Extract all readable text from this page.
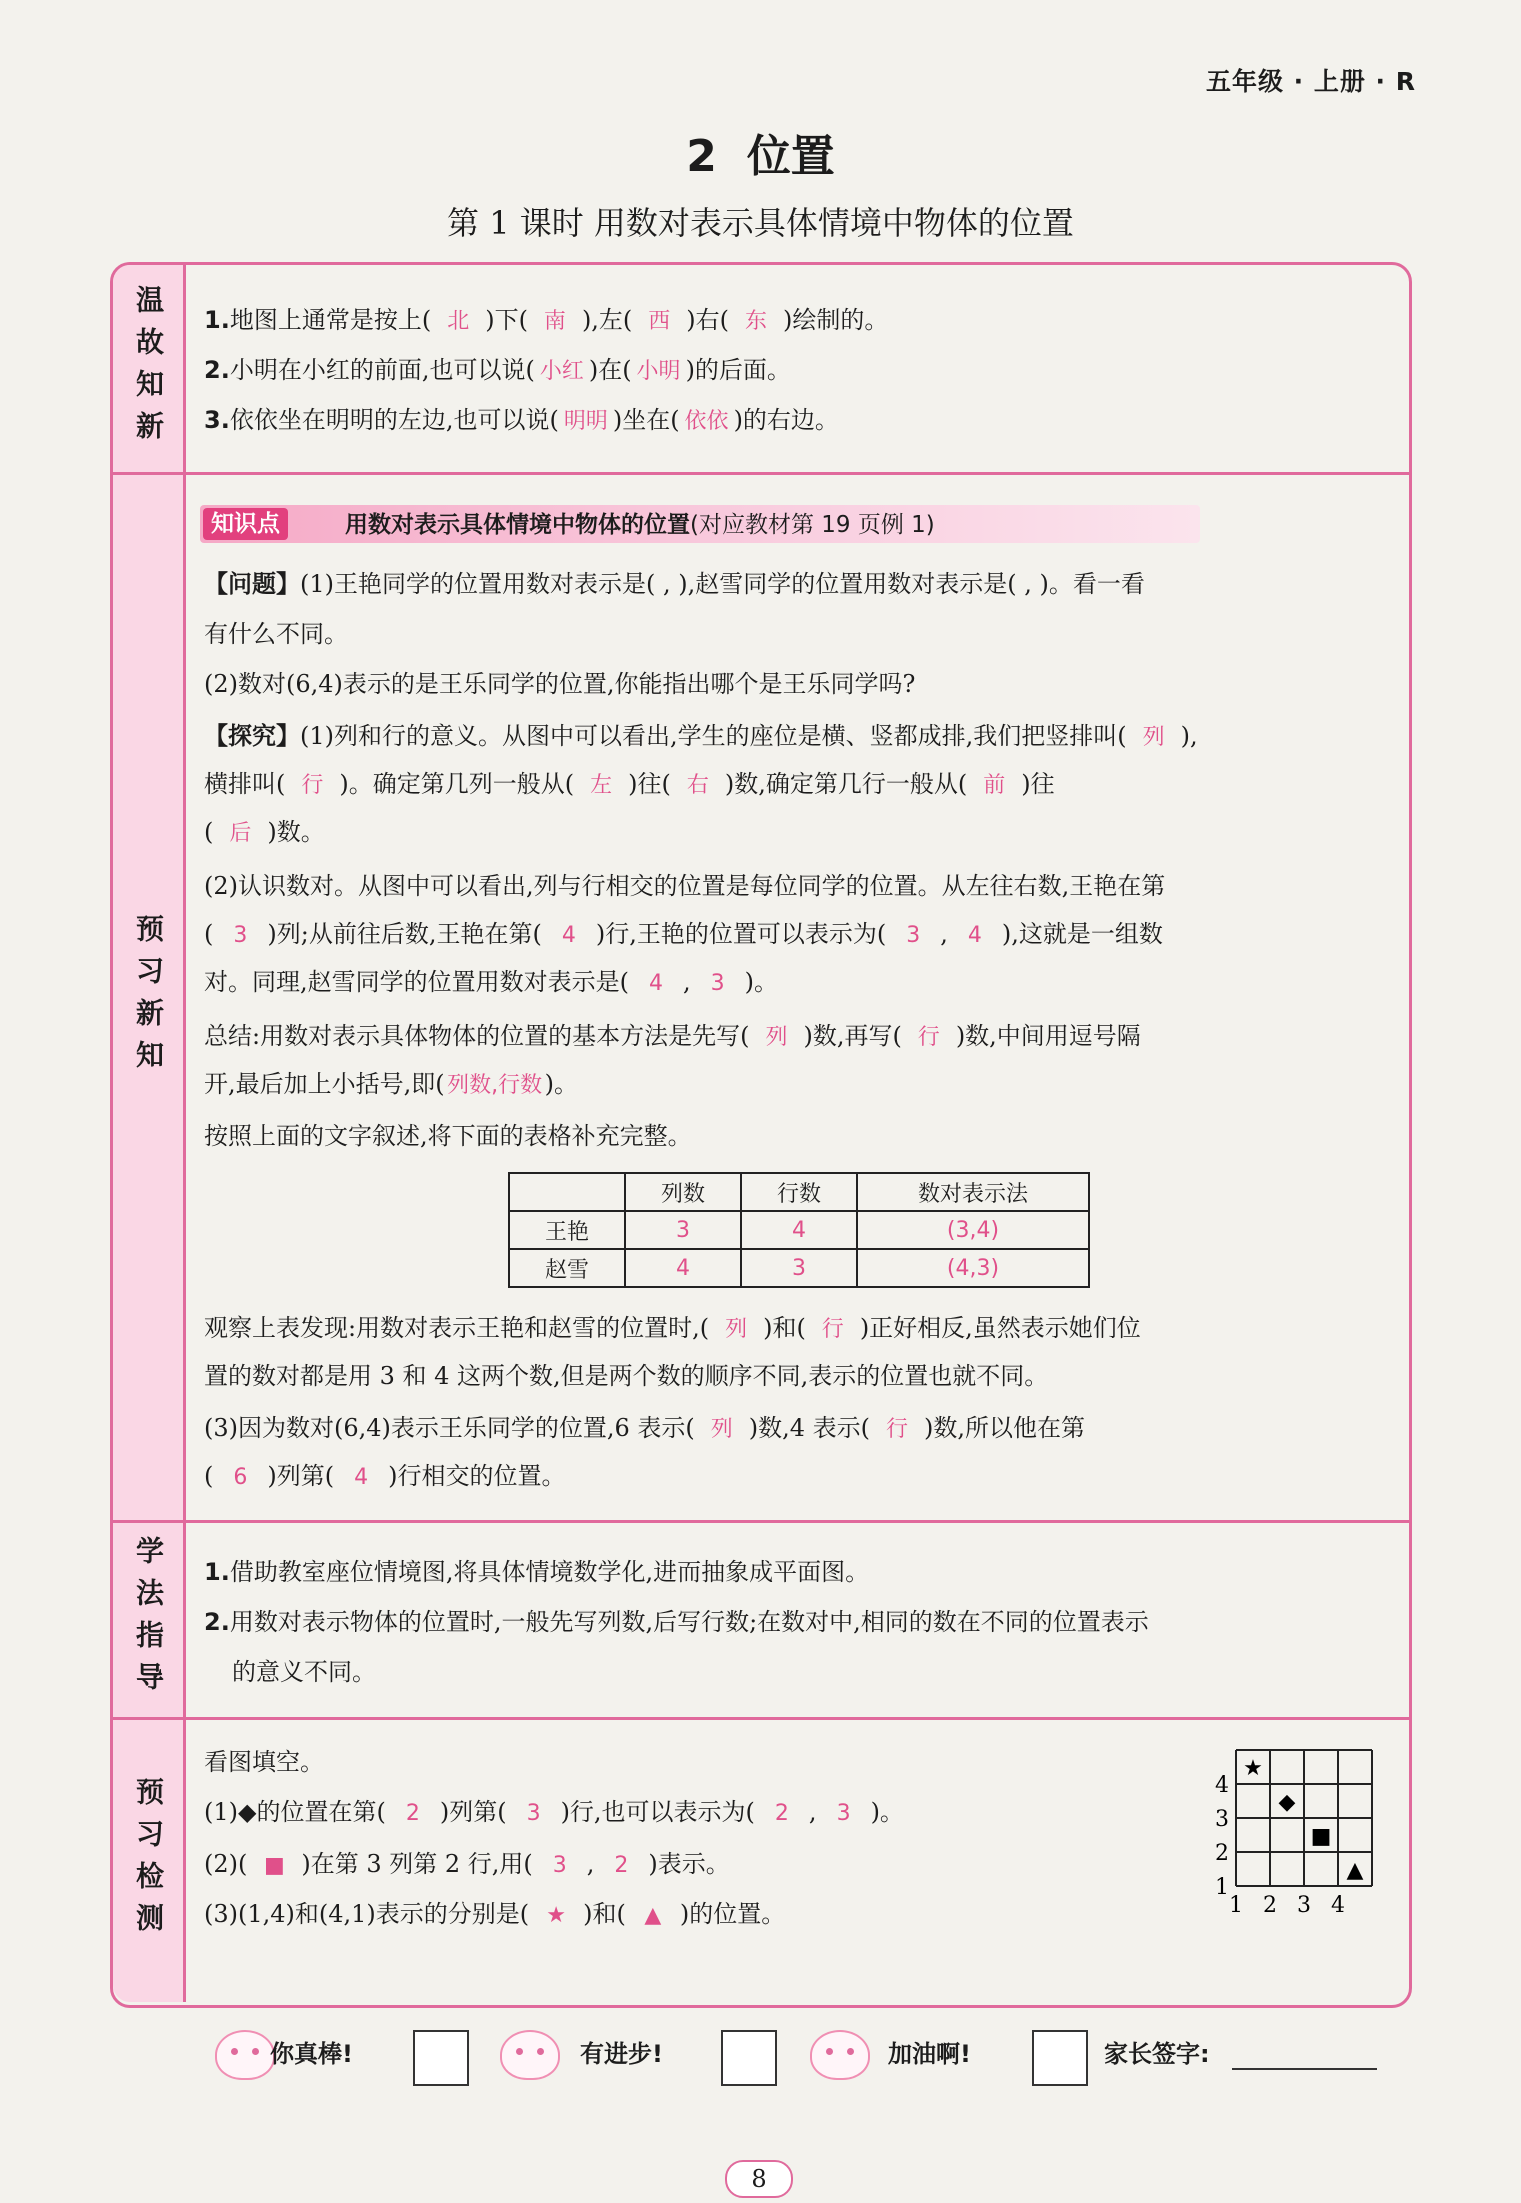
五年级 · 上册 · R
2 位置
第 1 课时 用数对表示具体情境中物体的位置
温故知新
预习新知
学法指导
预习检测
1.地图上通常是按上( 北 )下( 南 ),左( 西 )右( 东 )绘制的。
2.小明在小红的前面,也可以说( 小红 )在( 小明 )的后面。
3.依依坐在明明的左边,也可以说( 明明 )坐在( 依依 )的右边。
知识点	用数对表示具体情境中物体的位置(对应教材第 19 页例 1)
【问题】(1)王艳同学的位置用数对表示是( , ),赵雪同学的位置用数对表示是( , )。看一看
有什么不同。
(2)数对(6,4)表示的是王乐同学的位置,你能指出哪个是王乐同学吗?
【探究】(1)列和行的意义。从图中可以看出,学生的座位是横、竖都成排,我们把竖排叫( 列 ),
横排叫( 行 )。确定第几列一般从( 左 )往( 右 )数,确定第几行一般从( 前 )往
( 后 )数。
(2)认识数对。从图中可以看出,列与行相交的位置是每位同学的位置。从左往右数,王艳在第
( 3 )列;从前往后数,王艳在第( 4 )行,王艳的位置可以表示为( 3 , 4 ),这就是一组数
对。同理,赵雪同学的位置用数对表示是( 4 , 3 )。
总结:用数对表示具体物体的位置的基本方法是先写( 列 )数,再写( 行 )数,中间用逗号隔
开,最后加上小括号,即( 列数,行数 )。
按照上面的文字叙述,将下面的表格补充完整。
	列数	行数	数对表示法
王艳	3	4	(3,4)
赵雪	4	3	(4,3)
观察上表发现:用数对表示王艳和赵雪的位置时,( 列 )和( 行 )正好相反,虽然表示她们位
置的数对都是用 3 和 4 这两个数,但是两个数的顺序不同,表示的位置也就不同。
(3)因为数对(6,4)表示王乐同学的位置,6 表示( 列 )数,4 表示( 行 )数,所以他在第
( 6 )列第( 4 )行相交的位置。
1.借助教室座位情境图,将具体情境数学化,进而抽象成平面图。
2.用数对表示物体的位置时,一般先写列数,后写行数;在数对中,相同的数在不同的位置表示
的意义不同。
看图填空。
(1)◆的位置在第( 2 )列第( 3 )行,也可以表示为( 2 , 3 )。
(2)( ■ )在第 3 列第 2 行,用( 3 , 2 )表示。
(3)(1,4)和(4,1)表示的分别是( ★ )和( ▲ )的位置。	1 2 3 4
4
3
2
1
★
◆
■
▲
你真棒!	有进步!	加油啊!	家长签字:
8
